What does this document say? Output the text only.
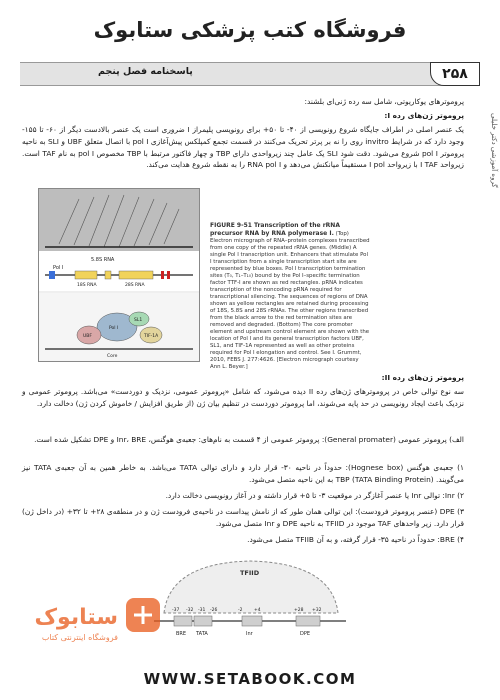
فروشگاه کتب پزشکی ستابوک
پاسخنامه فصل پنجم	۲۵۸
گروه آموزشی دکتر خلیلی
پروموترهای یوکاریوتی، شامل سه رده ژنی‌ای بلشند:
پروموتر ژن‌های رده I:
یک عنصر اصلی در اطراف جایگاه شروع رونویسی از ۴۰- تا ۵۰+ برای رونویسی پلیمراز I ضروری است یک عنصر بالادست دیگر از ۶۰- تا ۱۵۵- وجود دارد که در شرایط invitro روی را نه بر پرتر تحریک می‌کنند در قسمت تجمع کمپلکس پیش‌آغازی pol I با اتصال متعلق UBF و SLI به ناحیه پروموتر pol I شروع می‌شود. دقت شود SLI یک عامل چند زیرواحدی دارای TBP و چهار فاکتور مرتبط با TBP مخصوص pol I به نام TAF است. زیرواحد I TAF با زیرواحد I pol مستقیماً میانکنش می‌دهد و RNA pol I را به نقطه شروع هدایت می‌کند.
5.8S RNA
Pol I
18S RNA	28S RNA
UBF
SL1
TIF-1A
Pol I
Core
FIGURE 9-51 Transcription of the rRNA precursor RNA by RNA polymerase I. (Top) Electron micrograph of RNA–protein complexes transcribed from one copy of the repeated rRNA genes. (Middle) A single Pol I transcription unit. Enhancers that stimulate Pol I transcription from a single transcription start site are represented by blue boxes. Pol I transcription termination sites (T₀, T₁–T₁₀) bound by the Pol I–specific termination factor TTF-I are shown as red rectangles. pRNA indicates transcription of the noncoding pRNA required for transcriptional silencing. The sequences of regions of DNA shown as yellow rectangles are retained during processing of 18S, 5.8S and 28S rRNAs. The other regions transcribed from the black arrow to the red termination sites are removed and degraded. (Bottom) The core promoter element and upstream control element are shown with the location of Pol I and its general transcription factors UBF, SL1, and TIF-1A represented as well as other proteins required for Pol I elongation and control. See I. Grummt, 2010, FEBS J. 277:4626. [Electron micrograph courtesy Ann L. Beyer.]
پروموتر ژن‌های رده II:
سه نوع توالی خاص در پروموترهای ژن‌های رده II دیده می‌شود، که شامل «پروموتر عمومی، نزدیک و دوردست» می‌باشد. پروموتر عمومی و نزدیک باعث ایجاد رونویسی در حد پایه می‌شوند، اما پروموتر دوردست در تنظیم بیان ژن (از طریق افزایش / خاموش کردن ژن) دخالت دارد.
الف) پروموتر عمومی (General promater): پروموتر عمومی از ۴ قسمت به نام‌های: جعبه‌ی هوگنس، Inr، BRE و DPE تشکیل شده است.
۱) جعبه‌ی هوگنس (Hognese box): حدوداً در ناحیه ۳۰- قرار دارد و دارای توالی TATA می‌باشد. به خاطر همین به آن جعبه‌ی TATA نیز می‌گویند. TBP (TATA Binding Protein) به این ناحیه متصل می‌شود.
۲) Inr: توالی Inr یا عنصر آغازگر در موقعیت ۳- تا ۵+ قرار داشته و در آغاز رونویسی دخالت دارد.
۳) DPE (عنصر پروموتر فرودست): این توالی همان طور که از نامش پیداست در ناحیه‌ی فرودست ژن و در منطقه‌ی ۲۸+ تا ۳۲+ (در داخل ژن) قرار دارد. زیر واحدهای TAF موجود در TFIID به ناحیه DPE و Inr متصل می‌شود.
۴) BRE: حدوداً در ناحیه ۳۵- قرار گرفته، و به آن TFIIB متصل می‌شود.
TFIID
BRE TATA	Inr	DPE
-37 -32 -31 -26	-2	+4	+28 +32
ستابوک
فروشگاه اینترنتی کتاب
WWW.SETABOOK.COM
